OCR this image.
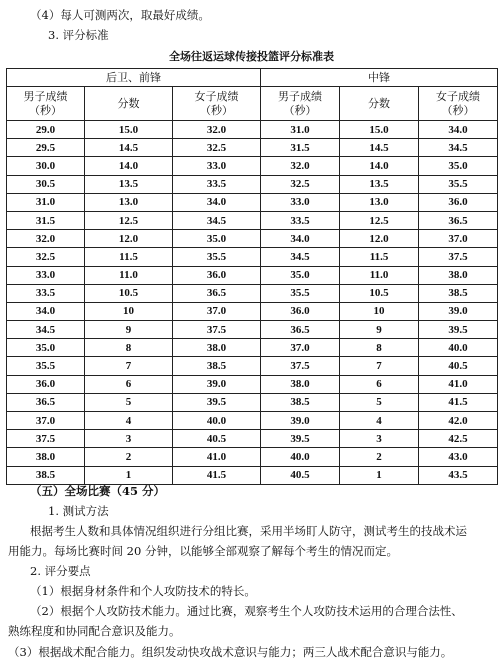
（4）每人可测两次，取最好成绩。
3. 评分标准
全场往返运球传接投篮评分标准表
后卫、前锋			中锋		

男子成绩
（秒）	分数	女子成绩
（秒）	男子成绩
（秒）	分数	女子成绩
（秒）

29.0	15.0	32.0	31.0	15.0	34.0
29.5	14.5	32.5	31.5	14.5	34.5
30.0	14.0	33.0	32.0	14.0	35.0
30.5	13.5	33.5	32.5	13.5	35.5
31.0	13.0	34.0	33.0	13.0	36.0
31.5	12.5	34.5	33.5	12.5	36.5
32.0	12.0	35.0	34.0	12.0	37.0
32.5	11.5	35.5	34.5	11.5	37.5
33.0	11.0	36.0	35.0	11.0	38.0
33.5	10.5	36.5	35.5	10.5	38.5
34.0	10	37.0	36.0	10	39.0
34.5	9	37.5	36.5	9	39.5
35.0	8	38.0	37.0	8	40.0
35.5	7	38.5	37.5	7	40.5
36.0	6	39.0	38.0	6	41.0
36.5	5	39.5	38.5	5	41.5
37.0	4	40.0	39.0	4	42.0
37.5	3	40.5	39.5	3	42.5
38.0	2	41.0	40.0	2	43.0
38.5	1	41.5	40.5	1	43.5
（五）全场比赛（45 分）
1. 测试方法
根据考生人数和具体情况组织进行分组比赛，采用半场盯人防守，测试考生的技战术运
用能力。每场比赛时间 20 分钟，以能够全部观察了解每个考生的情况而定。
2. 评分要点
（1）根据身材条件和个人攻防技术的特长。
（2）根据个人攻防技术能力。通过比赛，观察考生个人攻防技术运用的合理合法性、
熟练程度和协同配合意识及能力。
（3）根据战术配合能力。组织发动快攻战术意识与能力；两三人战术配合意识与能力。
